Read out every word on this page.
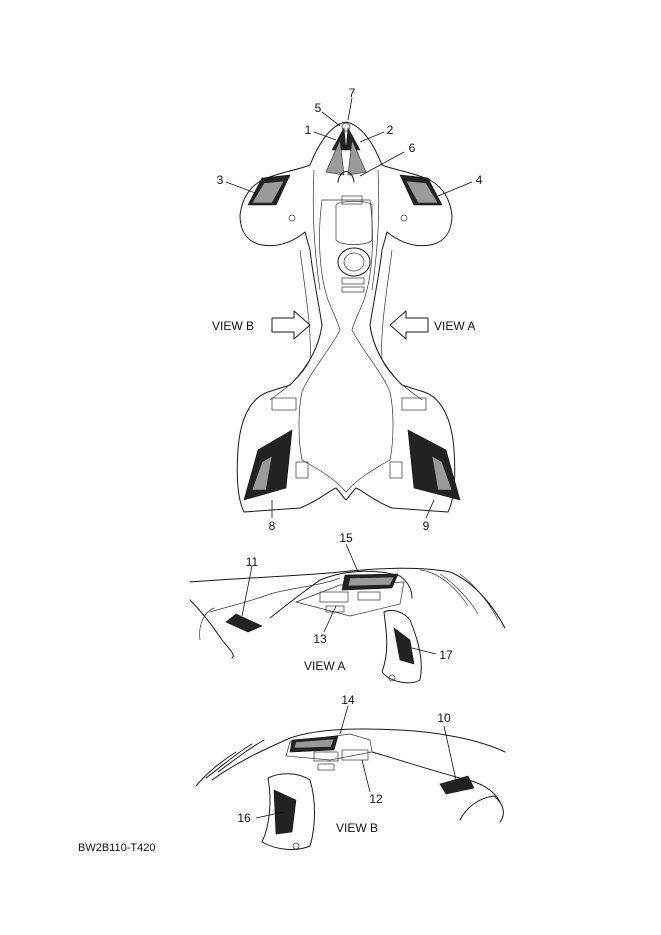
VIEW B	VIEW A
VIEW A
VIEW B
1	2
3	4
5
6
7
8	9
10
11
12
13
14
15
16
17
BW2B110-T420
